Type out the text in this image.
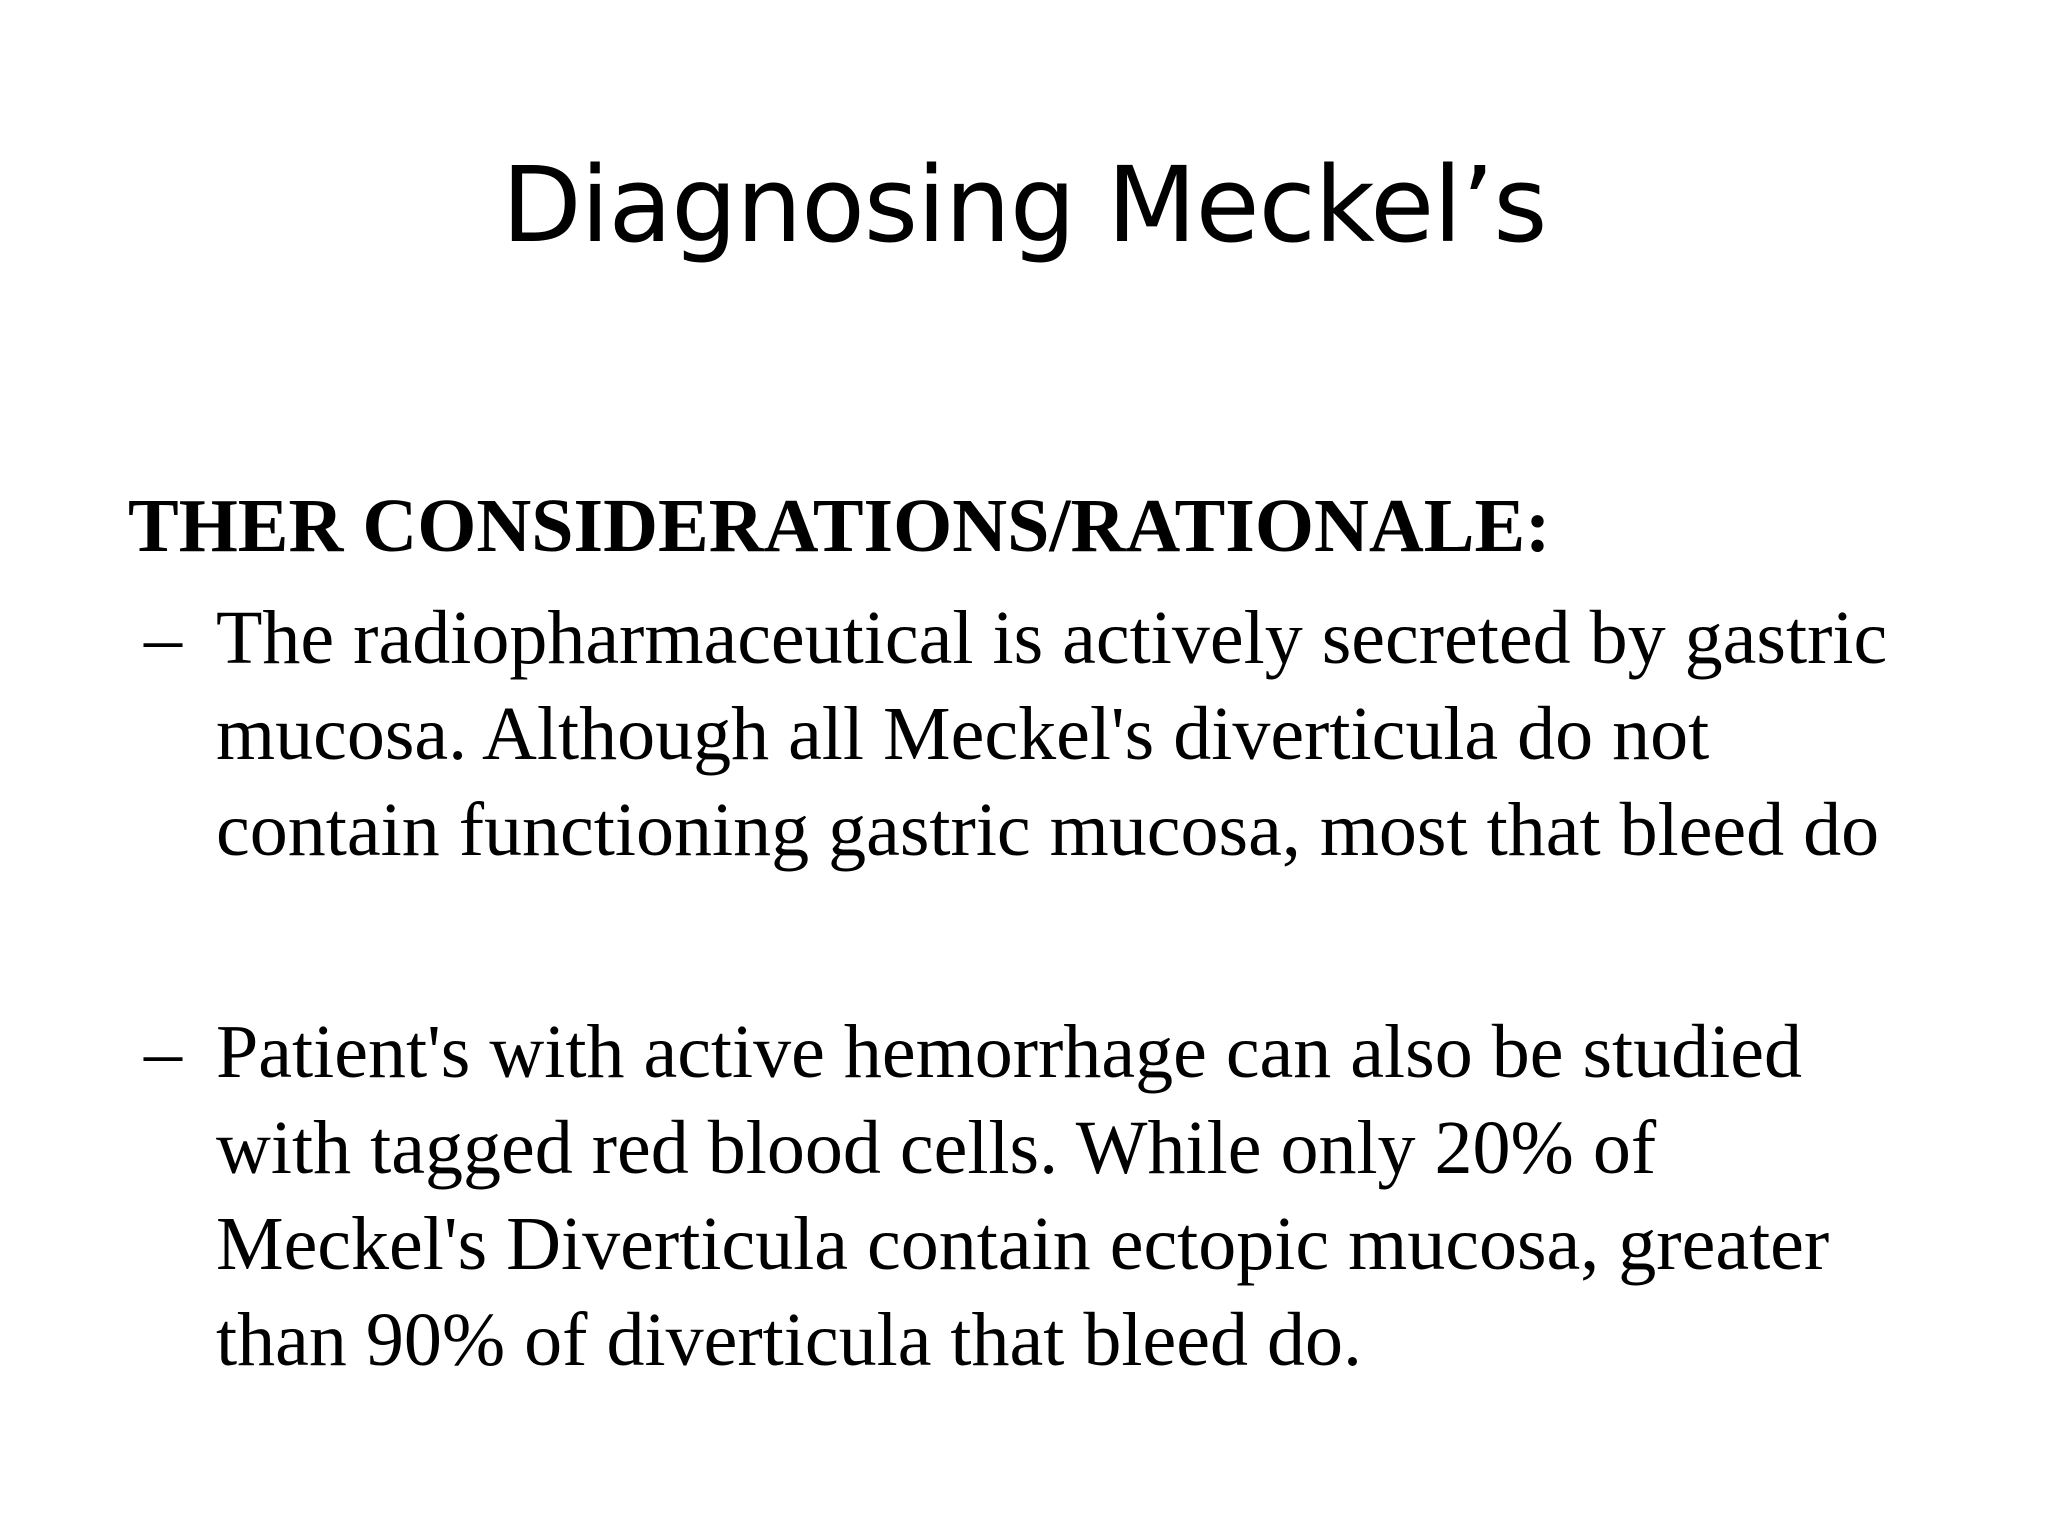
Diagnosing Meckel’s

THER CONSIDERATIONS/RATIONALE:

– The radiopharmaceutical is actively secreted by gastric mucosa. Although all Meckel's diverticula do not contain functioning gastric mucosa, most that bleed do
– Patient's with active hemorrhage can also be studied with tagged red blood cells. While only 20% of Meckel's Diverticula contain ectopic mucosa, greater than 90% of diverticula that bleed do.
